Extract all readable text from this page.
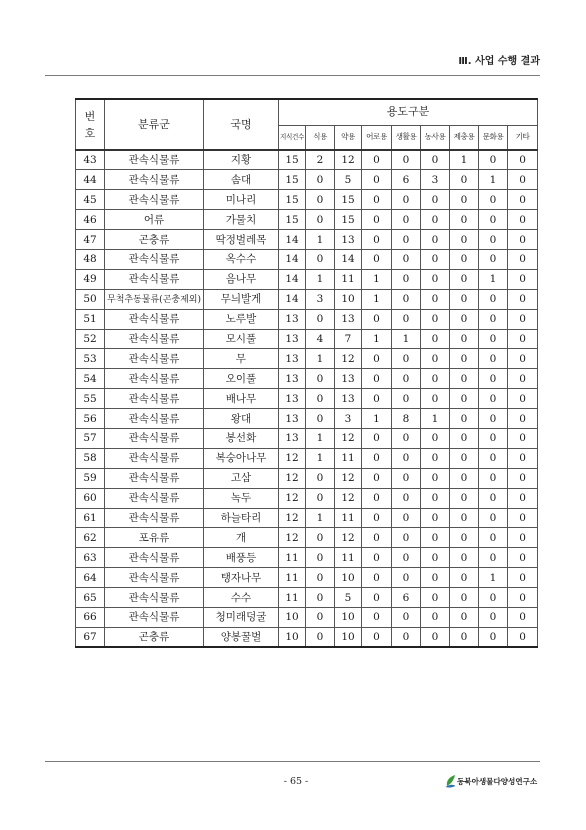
Ⅲ. 사업 수행 결과
번
호	분류군	국명	용도구분								
			지식건수	식용	약용	어로용	생활용	농사용	제충용	문화용	기타
43	관속식물류	지황	15	2	12	0	0	0	1	0	0
44	관속식물류	솜대	15	0	5	0	6	3	0	1	0
45	관속식물류	미나리	15	0	15	0	0	0	0	0	0
46	어류	가물치	15	0	15	0	0	0	0	0	0
47	곤충류	딱정벌레목	14	1	13	0	0	0	0	0	0
48	관속식물류	옥수수	14	0	14	0	0	0	0	0	0
49	관속식물류	음나무	14	1	11	1	0	0	0	1	0
50	무척추동물류(곤충제외)	무늬발게	14	3	10	1	0	0	0	0	0
51	관속식물류	노루발	13	0	13	0	0	0	0	0	0
52	관속식물류	모시풀	13	4	7	1	1	0	0	0	0
53	관속식물류	무	13	1	12	0	0	0	0	0	0
54	관속식물류	오이풀	13	0	13	0	0	0	0	0	0
55	관속식물류	배나무	13	0	13	0	0	0	0	0	0
56	관속식물류	왕대	13	0	3	1	8	1	0	0	0
57	관속식물류	봉선화	13	1	12	0	0	0	0	0	0
58	관속식물류	복숭아나무	12	1	11	0	0	0	0	0	0
59	관속식물류	고삼	12	0	12	0	0	0	0	0	0
60	관속식물류	녹두	12	0	12	0	0	0	0	0	0
61	관속식물류	하늘타리	12	1	11	0	0	0	0	0	0
62	포유류	개	12	0	12	0	0	0	0	0	0
63	관속식물류	배풍등	11	0	11	0	0	0	0	0	0
64	관속식물류	탱자나무	11	0	10	0	0	0	0	1	0
65	관속식물류	수수	11	0	5	0	6	0	0	0	0
66	관속식물류	청미래덩굴	10	0	10	0	0	0	0	0	0
67	곤충류	양봉꿀벌	10	0	10	0	0	0	0	0	0
- 65 -	동북아생물다양성연구소
